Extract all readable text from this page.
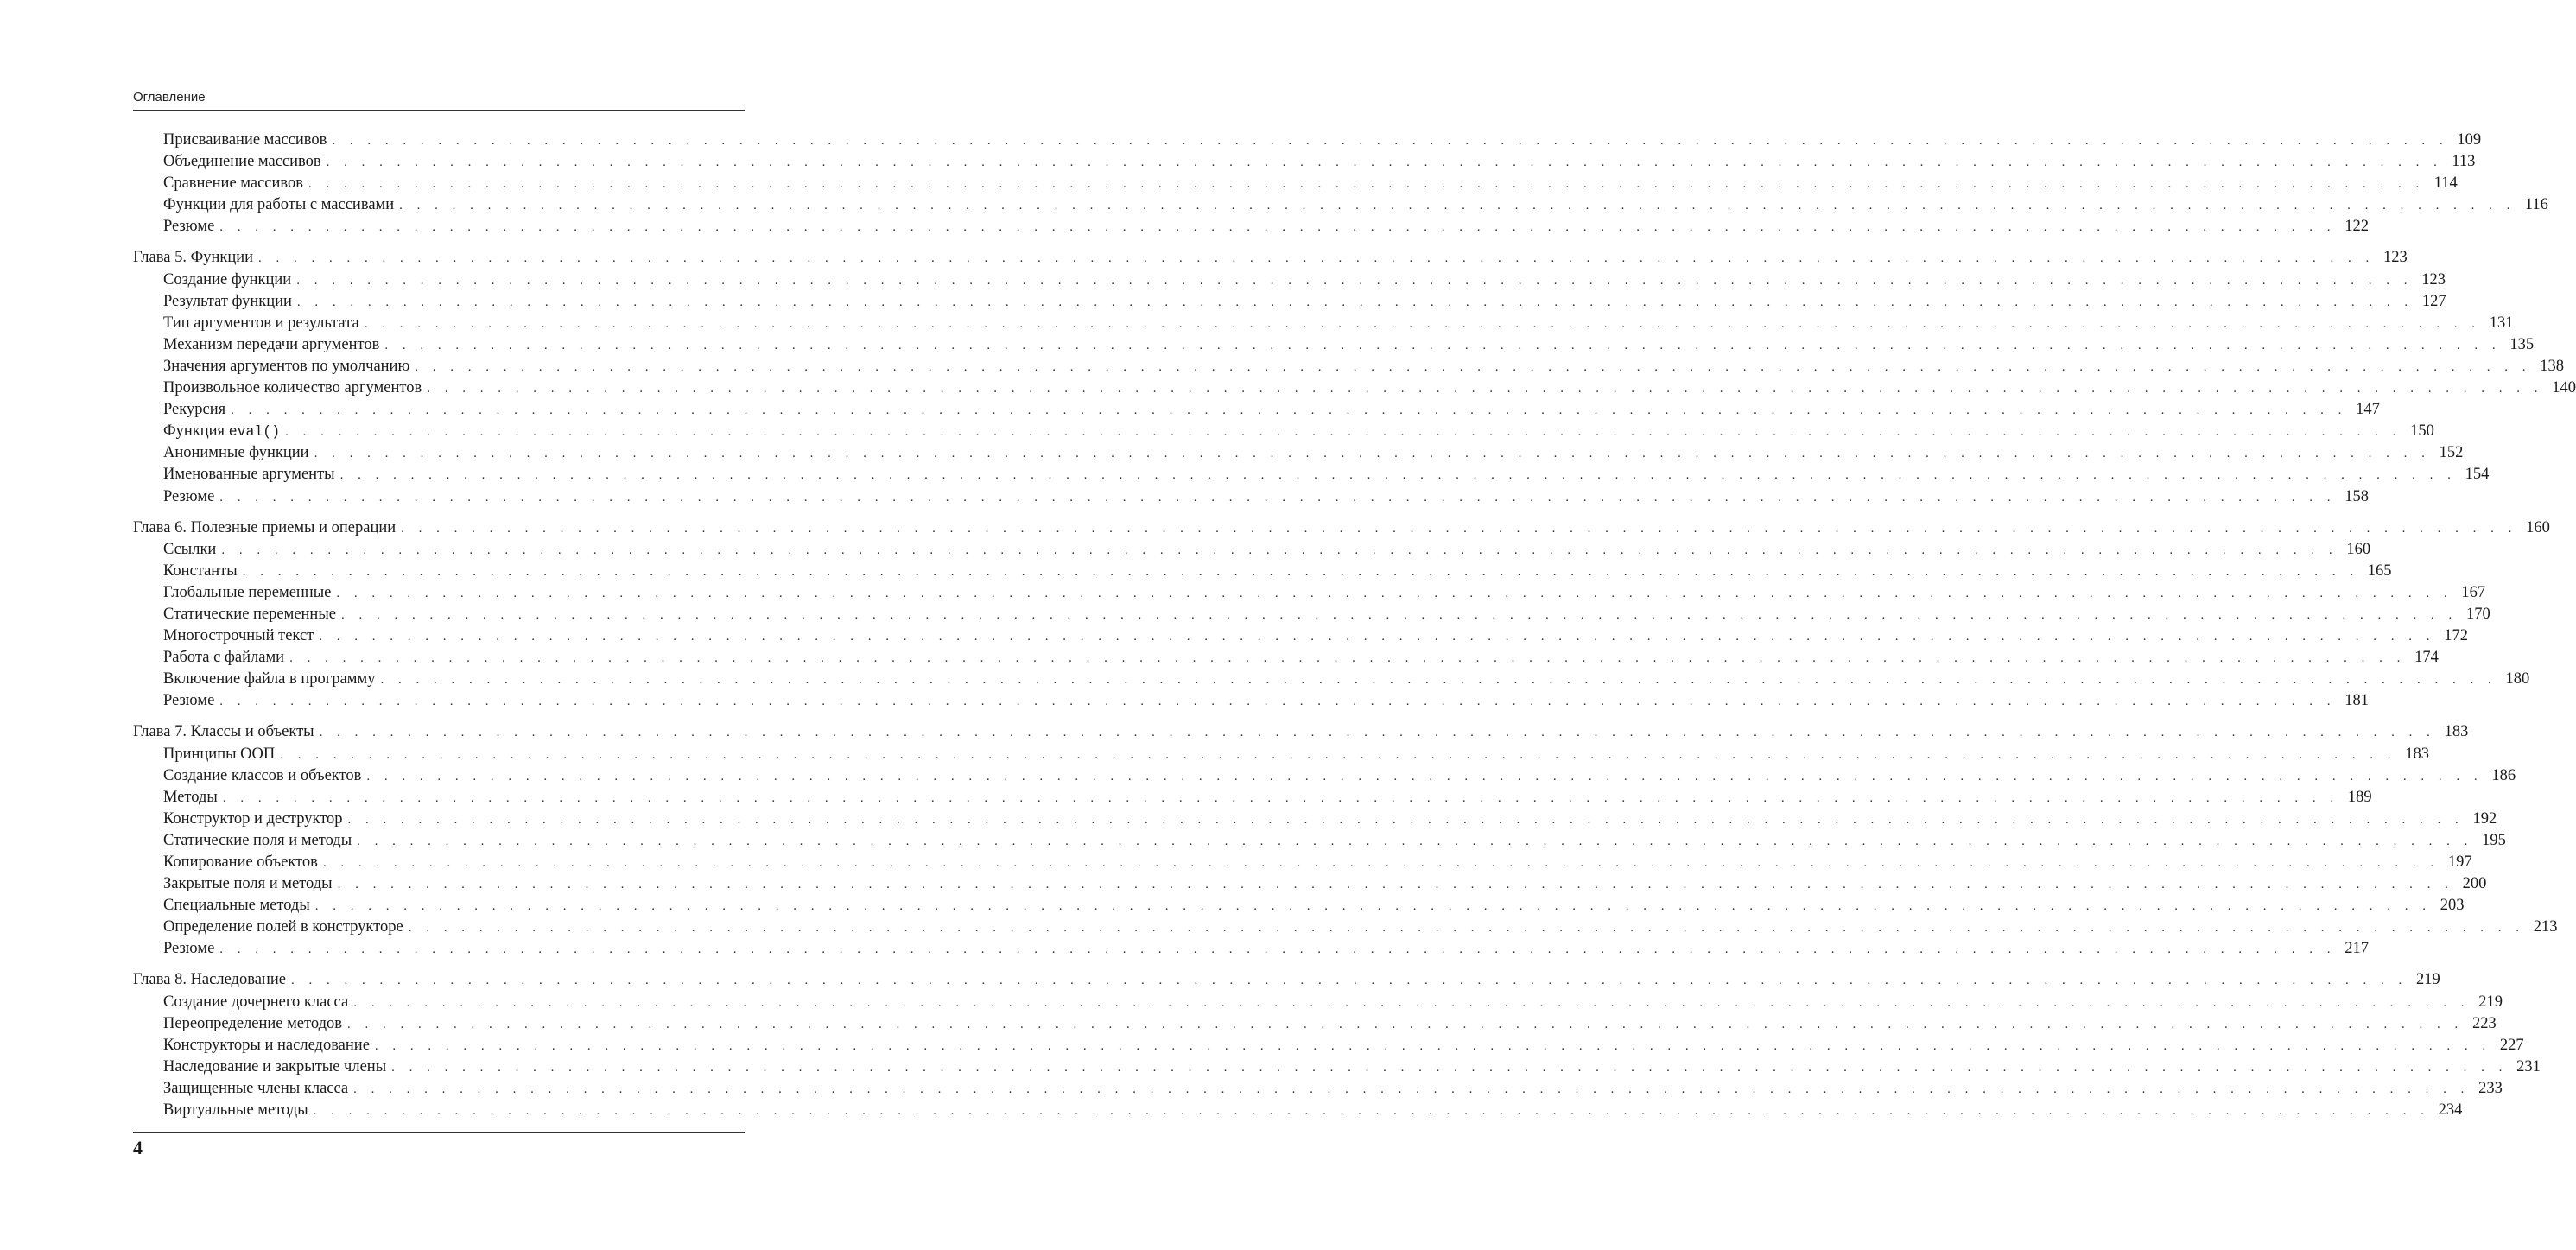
Оглавление
Присваивание массивов . . . . . . . . . . . . . . . . . . . . . . . . . . . . . . . . . . . . . . . . . . . . . . . . . . . . . . . . . . . . . . . . . . . . . . . . . . . . . . . . . . . . . . . . . . . . . . . . . . . . . . . . . . . . . . . . . . . . . . . . 109
Объединение массивов . . . . . . . . . . . . . . . . . . . . . . . . . . . . . . . . . . . . . . . . . . . . . . . . . . . . . . . . . . . . . . . . . . . . . . . . . . . . . . . . . . . . . . . . . . . . . . . . . . . . . . . . . . . . . . . . . . . . . . . . 113
Сравнение массивов . . . . . . . . . . . . . . . . . . . . . . . . . . . . . . . . . . . . . . . . . . . . . . . . . . . . . . . . . . . . . . . . . . . . . . . . . . . . . . . . . . . . . . . . . . . . . . . . . . . . . . . . . . . . . . . . . . . . . . . . 114
Функции для работы с массивами . . . . . . . . . . . . . . . . . . . . . . . . . . . . . . . . . . . . . . . . . . . . . . . . . . . . . . . . . . . . . . . . . . . . . . . . . . . . . . . . . . . . . . . . . . . . . . . . . . . . . . . . . . . . . . . . . . . . . . . . 116
Резюме . . . . . . . . . . . . . . . . . . . . . . . . . . . . . . . . . . . . . . . . . . . . . . . . . . . . . . . . . . . . . . . . . . . . . . . . . . . . . . . . . . . . . . . . . . . . . . . . . . . . . . . . . . . . . . . . . . . . . . . . 122
Глава 5. Функции . . . . . . . . . . . . . . . . . . . . . . . . . . . . . . . . . . . . . . . . . . . . . . . . . . . . . . . . . . . . . . . . . . . . . . . . . . . . . . . . . . . . . . . . . . . . . . . . . . . . . . . . . . . . . . . . . . . . . . . . 123
Создание функции . . . . . . . . . . . . . . . . . . . . . . . . . . . . . . . . . . . . . . . . . . . . . . . . . . . . . . . . . . . . . . . . . . . . . . . . . . . . . . . . . . . . . . . . . . . . . . . . . . . . . . . . . . . . . . . . . . . . . . . . 123
Результат функции . . . . . . . . . . . . . . . . . . . . . . . . . . . . . . . . . . . . . . . . . . . . . . . . . . . . . . . . . . . . . . . . . . . . . . . . . . . . . . . . . . . . . . . . . . . . . . . . . . . . . . . . . . . . . . . . . . . . . . . . 127
Тип аргументов и результата . . . . . . . . . . . . . . . . . . . . . . . . . . . . . . . . . . . . . . . . . . . . . . . . . . . . . . . . . . . . . . . . . . . . . . . . . . . . . . . . . . . . . . . . . . . . . . . . . . . . . . . . . . . . . . . . . . . . . . . . 131
Механизм передачи аргументов . . . . . . . . . . . . . . . . . . . . . . . . . . . . . . . . . . . . . . . . . . . . . . . . . . . . . . . . . . . . . . . . . . . . . . . . . . . . . . . . . . . . . . . . . . . . . . . . . . . . . . . . . . . . . . . . . . . . . . . . 135
Значения аргументов по умолчанию . . . . . . . . . . . . . . . . . . . . . . . . . . . . . . . . . . . . . . . . . . . . . . . . . . . . . . . . . . . . . . . . . . . . . . . . . . . . . . . . . . . . . . . . . . . . . . . . . . . . . . . . . . . . . . . . . . . . . . . . 138
Произвольное количество аргументов . . . . . . . . . . . . . . . . . . . . . . . . . . . . . . . . . . . . . . . . . . . . . . . . . . . . . . . . . . . . . . . . . . . . . . . . . . . . . . . . . . . . . . . . . . . . . . . . . . . . . . . . . . . . . . . . . . . . . . . . 140
Рекурсия . . . . . . . . . . . . . . . . . . . . . . . . . . . . . . . . . . . . . . . . . . . . . . . . . . . . . . . . . . . . . . . . . . . . . . . . . . . . . . . . . . . . . . . . . . . . . . . . . . . . . . . . . . . . . . . . . . . . . . . . 147
Функция eval() . . . . . . . . . . . . . . . . . . . . . . . . . . . . . . . . . . . . . . . . . . . . . . . . . . . . . . . . . . . . . . . . . . . . . . . . . . . . . . . . . . . . . . . . . . . . . . . . . . . . . . . . . . . . . . . . . . . . . . . . 150
Анонимные функции . . . . . . . . . . . . . . . . . . . . . . . . . . . . . . . . . . . . . . . . . . . . . . . . . . . . . . . . . . . . . . . . . . . . . . . . . . . . . . . . . . . . . . . . . . . . . . . . . . . . . . . . . . . . . . . . . . . . . . . . 152
Именованные аргументы . . . . . . . . . . . . . . . . . . . . . . . . . . . . . . . . . . . . . . . . . . . . . . . . . . . . . . . . . . . . . . . . . . . . . . . . . . . . . . . . . . . . . . . . . . . . . . . . . . . . . . . . . . . . . . . . . . . . . . . . 154
Резюме . . . . . . . . . . . . . . . . . . . . . . . . . . . . . . . . . . . . . . . . . . . . . . . . . . . . . . . . . . . . . . . . . . . . . . . . . . . . . . . . . . . . . . . . . . . . . . . . . . . . . . . . . . . . . . . . . . . . . . . . 158
Глава 6. Полезные приемы и операции . . . . . . . . . . . . . . . . . . . . . . . . . . . . . . . . . . . . . . . . . . . . . . . . . . . . . . . . . . . . . . . . . . . . . . . . . . . . . . . . . . . . . . . . . . . . . . . . . . . . . . . . . . . . . . . . . . . . . . . . 160
Ссылки . . . . . . . . . . . . . . . . . . . . . . . . . . . . . . . . . . . . . . . . . . . . . . . . . . . . . . . . . . . . . . . . . . . . . . . . . . . . . . . . . . . . . . . . . . . . . . . . . . . . . . . . . . . . . . . . . . . . . . . . 160
Константы . . . . . . . . . . . . . . . . . . . . . . . . . . . . . . . . . . . . . . . . . . . . . . . . . . . . . . . . . . . . . . . . . . . . . . . . . . . . . . . . . . . . . . . . . . . . . . . . . . . . . . . . . . . . . . . . . . . . . . . . 165
Глобальные переменные . . . . . . . . . . . . . . . . . . . . . . . . . . . . . . . . . . . . . . . . . . . . . . . . . . . . . . . . . . . . . . . . . . . . . . . . . . . . . . . . . . . . . . . . . . . . . . . . . . . . . . . . . . . . . . . . . . . . . . . . 167
Статические переменные . . . . . . . . . . . . . . . . . . . . . . . . . . . . . . . . . . . . . . . . . . . . . . . . . . . . . . . . . . . . . . . . . . . . . . . . . . . . . . . . . . . . . . . . . . . . . . . . . . . . . . . . . . . . . . . . . . . . . . . . 170
Многострочный текст . . . . . . . . . . . . . . . . . . . . . . . . . . . . . . . . . . . . . . . . . . . . . . . . . . . . . . . . . . . . . . . . . . . . . . . . . . . . . . . . . . . . . . . . . . . . . . . . . . . . . . . . . . . . . . . . . . . . . . . . 172
Работа с файлами . . . . . . . . . . . . . . . . . . . . . . . . . . . . . . . . . . . . . . . . . . . . . . . . . . . . . . . . . . . . . . . . . . . . . . . . . . . . . . . . . . . . . . . . . . . . . . . . . . . . . . . . . . . . . . . . . . . . . . . . 174
Включение файла в программу . . . . . . . . . . . . . . . . . . . . . . . . . . . . . . . . . . . . . . . . . . . . . . . . . . . . . . . . . . . . . . . . . . . . . . . . . . . . . . . . . . . . . . . . . . . . . . . . . . . . . . . . . . . . . . . . . . . . . . . . 180
Резюме . . . . . . . . . . . . . . . . . . . . . . . . . . . . . . . . . . . . . . . . . . . . . . . . . . . . . . . . . . . . . . . . . . . . . . . . . . . . . . . . . . . . . . . . . . . . . . . . . . . . . . . . . . . . . . . . . . . . . . . . 181
Глава 7. Классы и объекты . . . . . . . . . . . . . . . . . . . . . . . . . . . . . . . . . . . . . . . . . . . . . . . . . . . . . . . . . . . . . . . . . . . . . . . . . . . . . . . . . . . . . . . . . . . . . . . . . . . . . . . . . . . . . . . . . . . . . . . . 183
Принципы ООП . . . . . . . . . . . . . . . . . . . . . . . . . . . . . . . . . . . . . . . . . . . . . . . . . . . . . . . . . . . . . . . . . . . . . . . . . . . . . . . . . . . . . . . . . . . . . . . . . . . . . . . . . . . . . . . . . . . . . . . . 183
Создание классов и объектов . . . . . . . . . . . . . . . . . . . . . . . . . . . . . . . . . . . . . . . . . . . . . . . . . . . . . . . . . . . . . . . . . . . . . . . . . . . . . . . . . . . . . . . . . . . . . . . . . . . . . . . . . . . . . . . . . . . . . . . . 186
Методы . . . . . . . . . . . . . . . . . . . . . . . . . . . . . . . . . . . . . . . . . . . . . . . . . . . . . . . . . . . . . . . . . . . . . . . . . . . . . . . . . . . . . . . . . . . . . . . . . . . . . . . . . . . . . . . . . . . . . . . . 189
Конструктор и деструктор . . . . . . . . . . . . . . . . . . . . . . . . . . . . . . . . . . . . . . . . . . . . . . . . . . . . . . . . . . . . . . . . . . . . . . . . . . . . . . . . . . . . . . . . . . . . . . . . . . . . . . . . . . . . . . . . . . . . . . . . 192
Статические поля и методы . . . . . . . . . . . . . . . . . . . . . . . . . . . . . . . . . . . . . . . . . . . . . . . . . . . . . . . . . . . . . . . . . . . . . . . . . . . . . . . . . . . . . . . . . . . . . . . . . . . . . . . . . . . . . . . . . . . . . . . . 195
Копирование объектов . . . . . . . . . . . . . . . . . . . . . . . . . . . . . . . . . . . . . . . . . . . . . . . . . . . . . . . . . . . . . . . . . . . . . . . . . . . . . . . . . . . . . . . . . . . . . . . . . . . . . . . . . . . . . . . . . . . . . . . . 197
Закрытые поля и методы . . . . . . . . . . . . . . . . . . . . . . . . . . . . . . . . . . . . . . . . . . . . . . . . . . . . . . . . . . . . . . . . . . . . . . . . . . . . . . . . . . . . . . . . . . . . . . . . . . . . . . . . . . . . . . . . . . . . . . . . 200
Специальные методы . . . . . . . . . . . . . . . . . . . . . . . . . . . . . . . . . . . . . . . . . . . . . . . . . . . . . . . . . . . . . . . . . . . . . . . . . . . . . . . . . . . . . . . . . . . . . . . . . . . . . . . . . . . . . . . . . . . . . . . . 203
Определение полей в конструкторе . . . . . . . . . . . . . . . . . . . . . . . . . . . . . . . . . . . . . . . . . . . . . . . . . . . . . . . . . . . . . . . . . . . . . . . . . . . . . . . . . . . . . . . . . . . . . . . . . . . . . . . . . . . . . . . . . . . . . . . . 213
Резюме . . . . . . . . . . . . . . . . . . . . . . . . . . . . . . . . . . . . . . . . . . . . . . . . . . . . . . . . . . . . . . . . . . . . . . . . . . . . . . . . . . . . . . . . . . . . . . . . . . . . . . . . . . . . . . . . . . . . . . . . 217
Глава 8. Наследование . . . . . . . . . . . . . . . . . . . . . . . . . . . . . . . . . . . . . . . . . . . . . . . . . . . . . . . . . . . . . . . . . . . . . . . . . . . . . . . . . . . . . . . . . . . . . . . . . . . . . . . . . . . . . . . . . . . . . . . . 219
Создание дочернего класса . . . . . . . . . . . . . . . . . . . . . . . . . . . . . . . . . . . . . . . . . . . . . . . . . . . . . . . . . . . . . . . . . . . . . . . . . . . . . . . . . . . . . . . . . . . . . . . . . . . . . . . . . . . . . . . . . . . . . . . . 219
Переопределение методов . . . . . . . . . . . . . . . . . . . . . . . . . . . . . . . . . . . . . . . . . . . . . . . . . . . . . . . . . . . . . . . . . . . . . . . . . . . . . . . . . . . . . . . . . . . . . . . . . . . . . . . . . . . . . . . . . . . . . . . . 223
Конструкторы и наследование . . . . . . . . . . . . . . . . . . . . . . . . . . . . . . . . . . . . . . . . . . . . . . . . . . . . . . . . . . . . . . . . . . . . . . . . . . . . . . . . . . . . . . . . . . . . . . . . . . . . . . . . . . . . . . . . . . . . . . . . 227
Наследование и закрытые члены . . . . . . . . . . . . . . . . . . . . . . . . . . . . . . . . . . . . . . . . . . . . . . . . . . . . . . . . . . . . . . . . . . . . . . . . . . . . . . . . . . . . . . . . . . . . . . . . . . . . . . . . . . . . . . . . . . . . . . . . 231
Защищенные члены класса . . . . . . . . . . . . . . . . . . . . . . . . . . . . . . . . . . . . . . . . . . . . . . . . . . . . . . . . . . . . . . . . . . . . . . . . . . . . . . . . . . . . . . . . . . . . . . . . . . . . . . . . . . . . . . . . . . . . . . . . 233
Виртуальные методы . . . . . . . . . . . . . . . . . . . . . . . . . . . . . . . . . . . . . . . . . . . . . . . . . . . . . . . . . . . . . . . . . . . . . . . . . . . . . . . . . . . . . . . . . . . . . . . . . . . . . . . . . . . . . . . . . . . . . . . . 234
4
